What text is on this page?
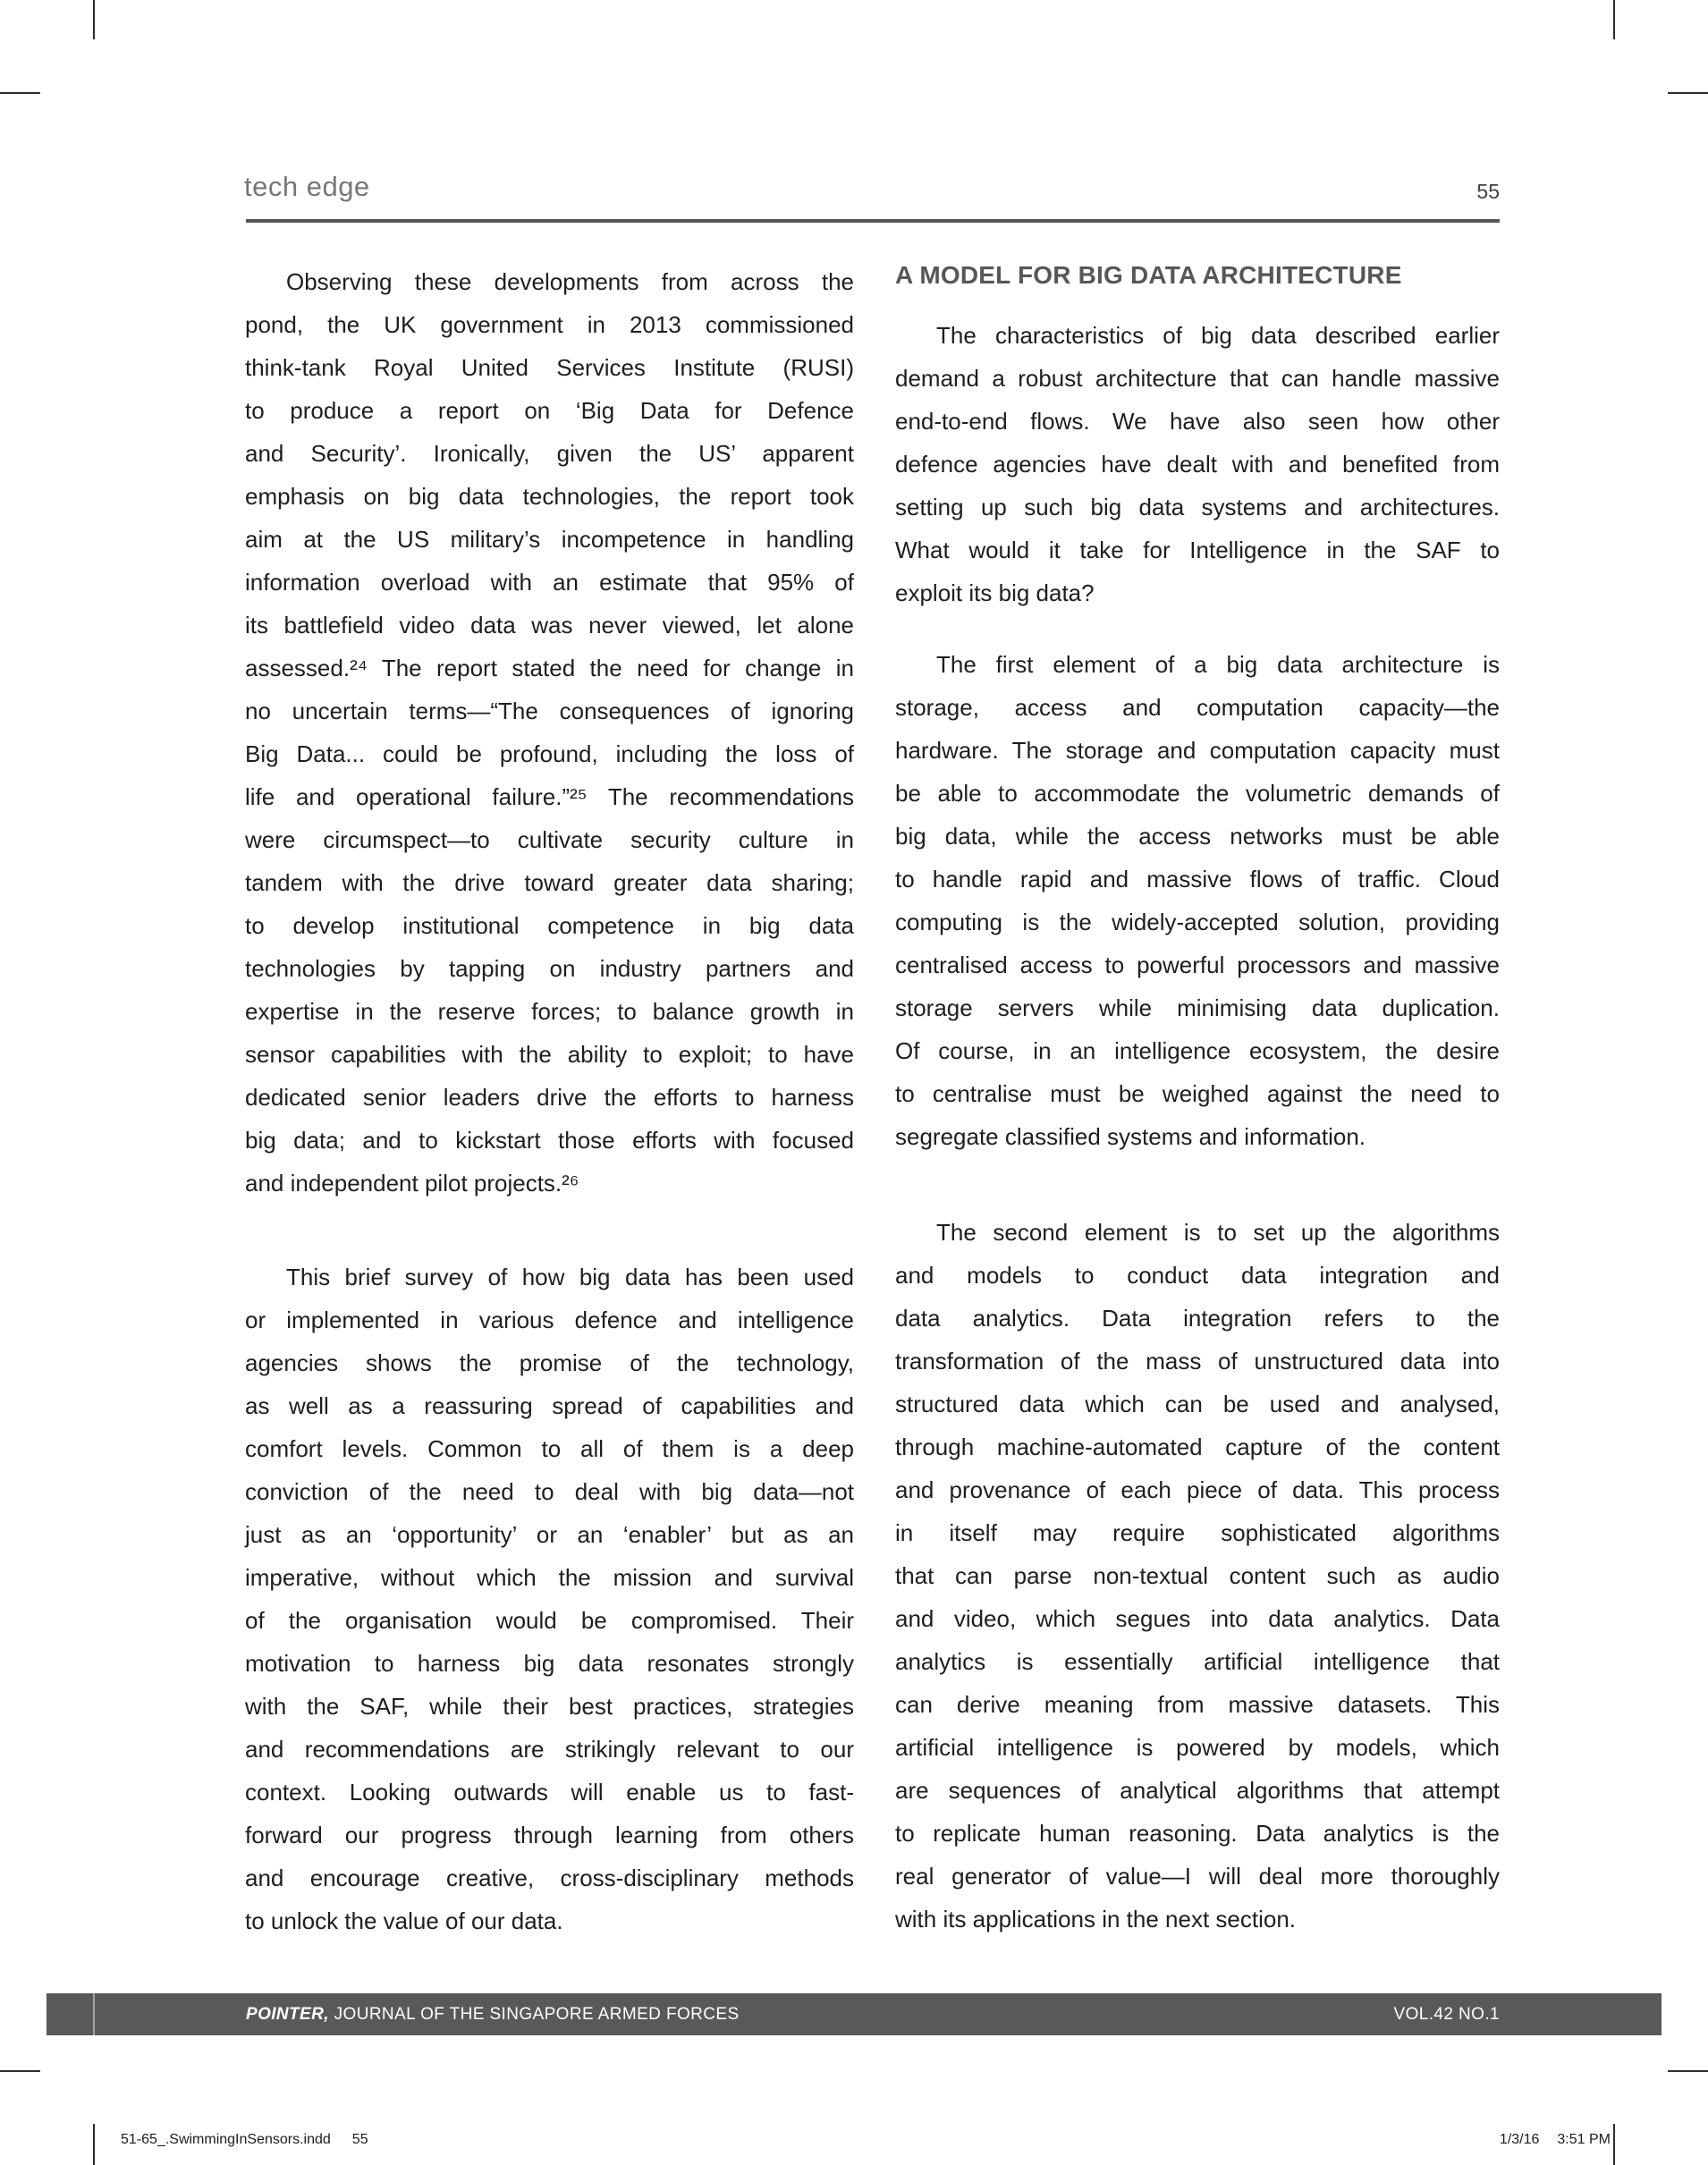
tech edge	55
Observing these developments from across the
pond, the UK government in 2013 commissioned
think-tank Royal United Services Institute (RUSI)
to produce a report on ‘Big Data for Defence
and Security’. Ironically, given the US’ apparent
emphasis on big data technologies, the report took
aim at the US military’s incompetence in handling
information overload with an estimate that 95% of
its battlefield video data was never viewed, let alone
assessed.²⁴ The report stated the need for change in
no uncertain terms—“The consequences of ignoring
Big Data... could be profound, including the loss of
life and operational failure.”²⁵ The recommendations
were circumspect—to cultivate security culture in
tandem with the drive toward greater data sharing;
to develop institutional competence in big data
technologies by tapping on industry partners and
expertise in the reserve forces; to balance growth in
sensor capabilities with the ability to exploit; to have
dedicated senior leaders drive the efforts to harness
big data; and to kickstart those efforts with focused
and independent pilot projects.²⁶
This brief survey of how big data has been used
or implemented in various defence and intelligence
agencies shows the promise of the technology,
as well as a reassuring spread of capabilities and
comfort levels. Common to all of them is a deep
conviction of the need to deal with big data—not
just as an ‘opportunity’ or an ‘enabler’ but as an
imperative, without which the mission and survival
of the organisation would be compromised. Their
motivation to harness big data resonates strongly
with the SAF, while their best practices, strategies
and recommendations are strikingly relevant to our
context. Looking outwards will enable us to fast-
forward our progress through learning from others
and encourage creative, cross-disciplinary methods
to unlock the value of our data.
A MODEL FOR BIG DATA ARCHITECTURE
The characteristics of big data described earlier
demand a robust architecture that can handle massive
end-to-end flows. We have also seen how other
defence agencies have dealt with and benefited from
setting up such big data systems and architectures.
What would it take for Intelligence in the SAF to
exploit its big data?
The first element of a big data architecture is
storage, access and computation capacity—the
hardware. The storage and computation capacity must
be able to accommodate the volumetric demands of
big data, while the access networks must be able
to handle rapid and massive flows of traffic. Cloud
computing is the widely-accepted solution, providing
centralised access to powerful processors and massive
storage servers while minimising data duplication.
Of course, in an intelligence ecosystem, the desire
to centralise must be weighed against the need to
segregate classified systems and information.
The second element is to set up the algorithms
and models to conduct data integration and
data analytics. Data integration refers to the
transformation of the mass of unstructured data into
structured data which can be used and analysed,
through machine-automated capture of the content
and provenance of each piece of data. This process
in itself may require sophisticated algorithms
that can parse non-textual content such as audio
and video, which segues into data analytics. Data
analytics is essentially artificial intelligence that
can derive meaning from massive datasets. This
artificial intelligence is powered by models, which
are sequences of analytical algorithms that attempt
to replicate human reasoning. Data analytics is the
real generator of value—I will deal more thoroughly
with its applications in the next section.
POINTER, JOURNAL OF THE SINGAPORE ARMED FORCES	VOL.42 NO.1
51-65_.SwimmingInSensors.indd 55	1/3/16 3:51 PM
